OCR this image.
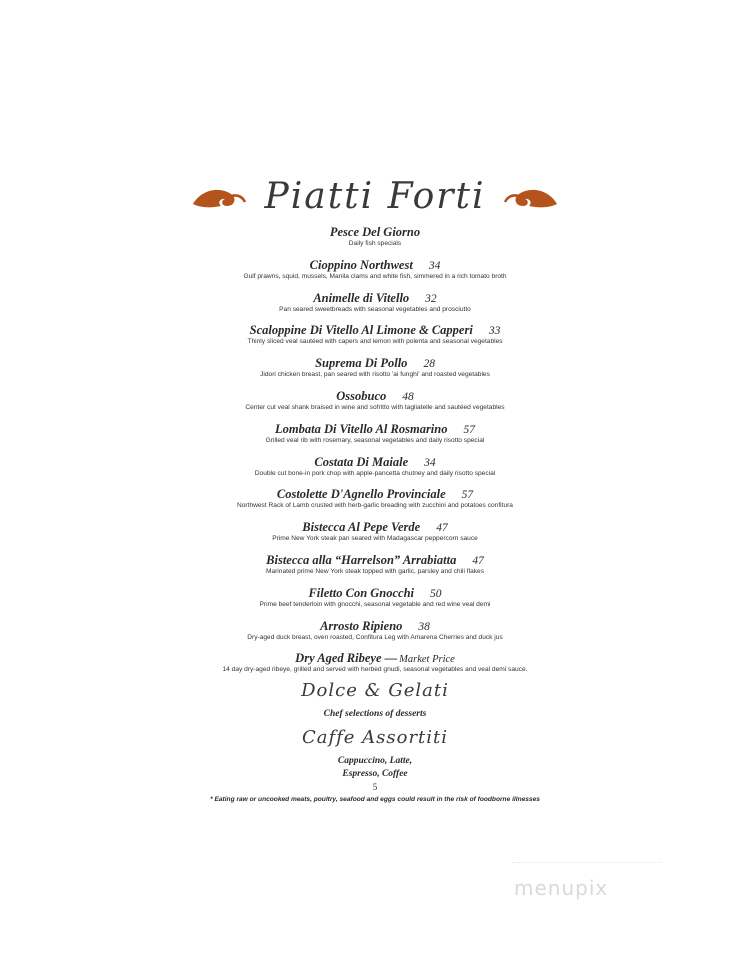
Piatti Forti
Pesce Del Giorno
Daily fish specials
Cioppino Northwest 34
Gulf prawns, squid, mussels, Manila clams and white fish, simmered in a rich tomato broth
Animelle di Vitello 32
Pan seared sweetbreads with seasonal vegetables and prosciutto
Scaloppine Di Vitello Al Limone & Capperi 33
Thinly sliced veal sautéed with capers and lemon with polenta and seasonal vegetables
Suprema Di Pollo 28
Jidori chicken breast, pan seared with risotto 'ai funghi' and roasted vegetables
Ossobuco 48
Center cut veal shank braised in wine and sofritto with tagliatelle and sautéed vegetables
Lombata Di Vitello Al Rosmarino 57
Grilled veal rib with rosemary, seasonal vegetables and daily risotto special
Costata Di Maiale 34
Double cut bone-in pork chop with apple-pancetta chutney and daily risotto special
Costolette D'Agnello Provinciale 57
Northwest Rack of Lamb crusted with herb-garlic breading with zucchini and potatoes confitura
Bistecca Al Pepe Verde 47
Prime New York steak pan seared with Madagascar peppercorn sauce
Bistecca alla “Harrelson” Arrabiatta 47
Marinated prime New York steak topped with garlic, parsley and chili flakes
Filetto Con Gnocchi 50
Prime beef tenderloin with gnocchi, seasonal vegetable and red wine veal demi
Arrosto Ripieno 38
Dry-aged duck breast, oven roasted, Confitura Leg with Amarena Cherries and duck jus
Dry Aged Ribeye — Market Price
14 day dry-aged ribeye, grilled and served with herbed gnudi, seasonal vegetables and veal demi sauce.
Dolce & Gelati
Chef selections of desserts
Caffe Assortiti
Cappuccino, Latte,
Espresso, Coffee
5
* Eating raw or uncooked meats, poultry, seafood and eggs could result in the risk of foodborne illnesses
menupix
